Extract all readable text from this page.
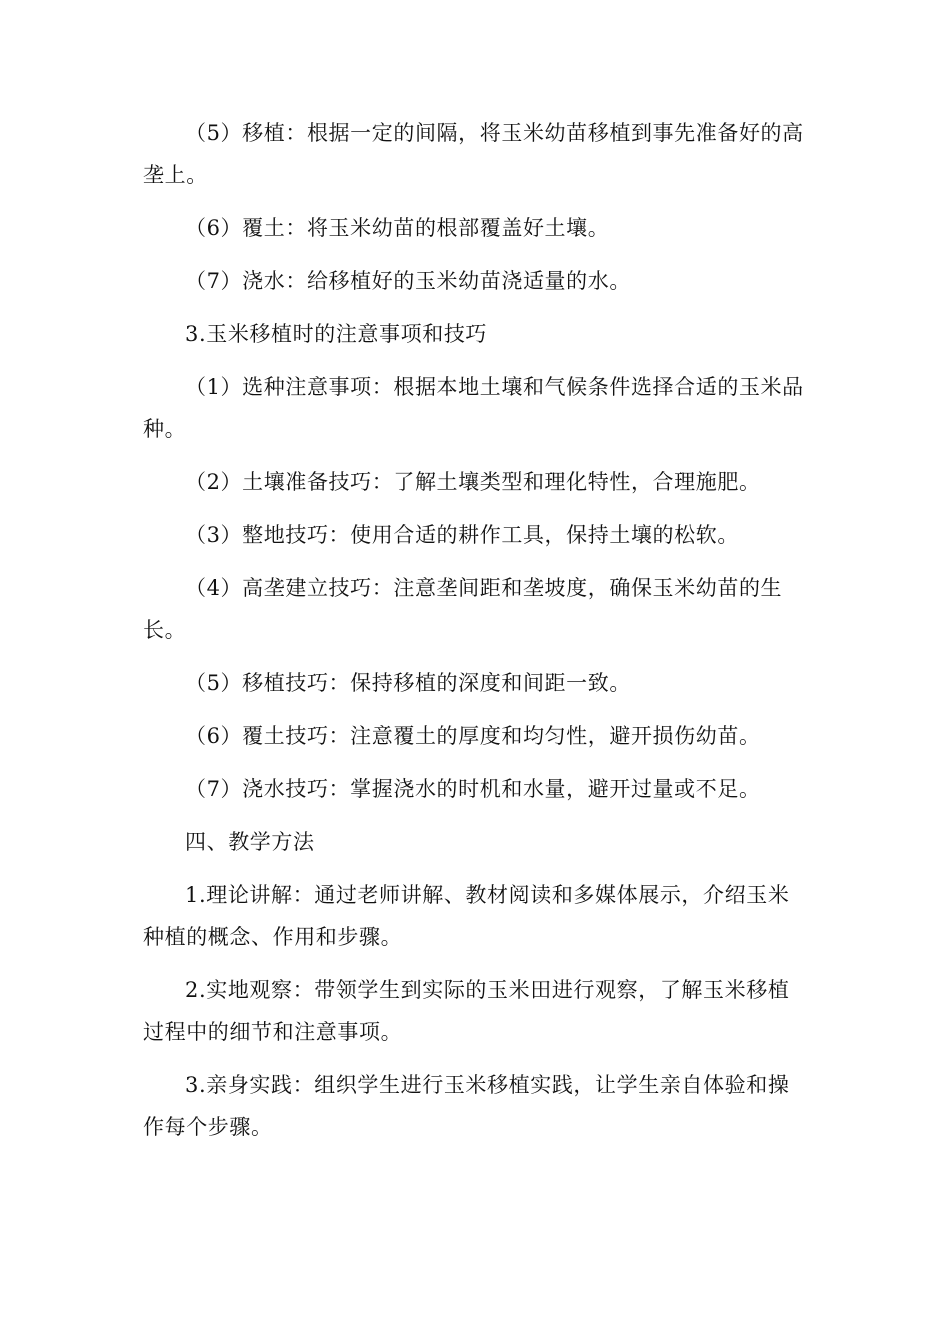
（5）移植：根据一定的间隔，将玉米幼苗移植到事先准备好的高垄上。

（6）覆土：将玉米幼苗的根部覆盖好土壤。

（7）浇水：给移植好的玉米幼苗浇适量的水。

3.玉米移植时的注意事项和技巧

（1）选种注意事项：根据本地土壤和气候条件选择合适的玉米品种。

（2）土壤准备技巧：了解土壤类型和理化特性，合理施肥。

（3）整地技巧：使用合适的耕作工具，保持土壤的松软。

（4）高垄建立技巧：注意垄间距和垄坡度，确保玉米幼苗的生长。

（5）移植技巧：保持移植的深度和间距一致。

（6）覆土技巧：注意覆土的厚度和均匀性，避开损伤幼苗。

（7）浇水技巧：掌握浇水的时机和水量，避开过量或不足。

四、教学方法

1.理论讲解：通过老师讲解、教材阅读和多媒体展示，介绍玉米种植的概念、作用和步骤。

2.实地观察：带领学生到实际的玉米田进行观察，了解玉米移植过程中的细节和注意事项。

3.亲身实践：组织学生进行玉米移植实践，让学生亲自体验和操作每个步骤。
